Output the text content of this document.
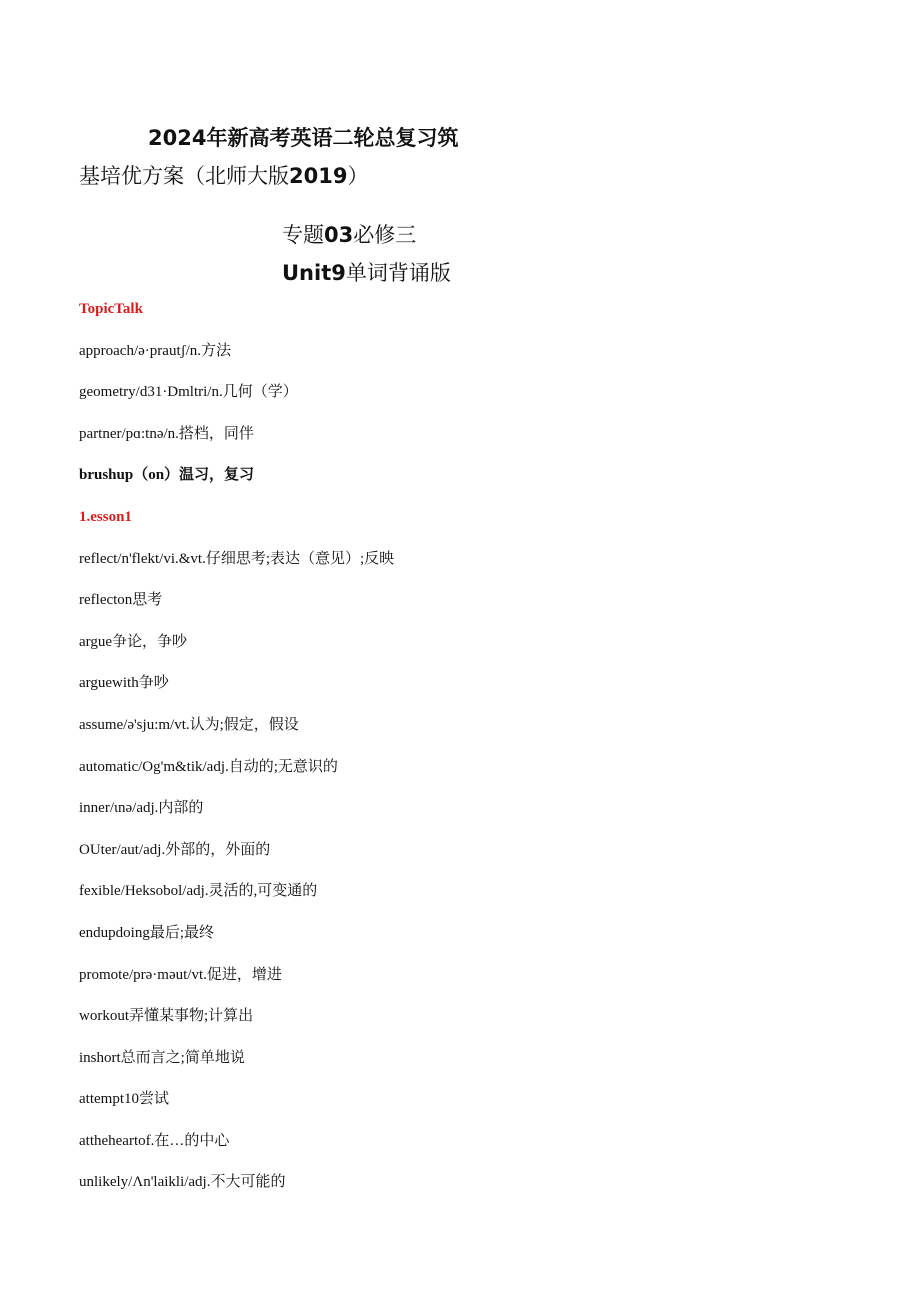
2024年新高考英语二轮总复习筑
基培优方案（北师大版2019）
专题03必修三
Unit9单词背诵版
TopicTalk
approach/ə·prautʃ/n.方法
geometry/d31·Dmltri/n.几何（学）
partner/pɑ:tnə/n.搭档，同伴
brushup（on）温习，复习
1.esson1
reflect/n'flekt/vi.&vt.仔细思考;表达（意见）;反映
reflecton思考
argue争论，争吵
arguewith争吵
assume/ə'sju:m/vt.认为;假定，假设
automatic/Og'm&tik/adj.自动的;无意识的
inner/ιnə/adj.内部的
OUter/aut/adj.外部的，外面的
fexible/Heksobol/adj.灵活的,可变通的
endupdoing最后;最终
promote/prə·məut/vt.促进，增进
workout弄懂某事物;计算出
inshort总而言之;简单地说
attempt10尝试
attheheartof.在…的中心
unlikely/Λn'laikli/adj.不大可能的
